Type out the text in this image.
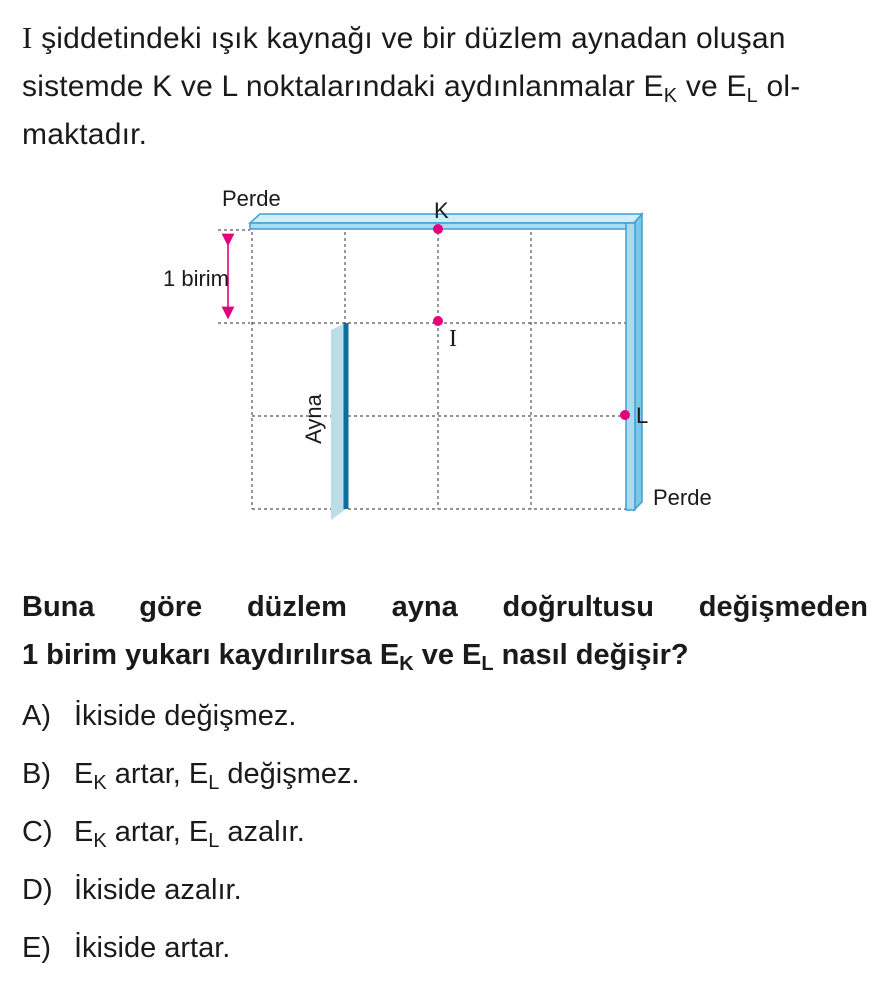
I şiddetindeki ışık kaynağı ve bir düzlem aynadan oluşan
sistemde K ve L noktalarındaki aydınlanmalar $E_K$ ve $E_L$ ol-
maktadır.
Perde	K
1 birim
I
L
Perde
Ayna
Buna göre düzlem ayna doğrultusu değişmeden
1 birim yukarı kaydırılırsa $E_K$ ve $E_L$ nasıl değişir?
A) İkiside değişmez.
B) $E_K$ artar, $E_L$ değişmez.
C) $E_K$ artar, $E_L$ azalır.
D) İkiside azalır.
E) İkiside artar.
